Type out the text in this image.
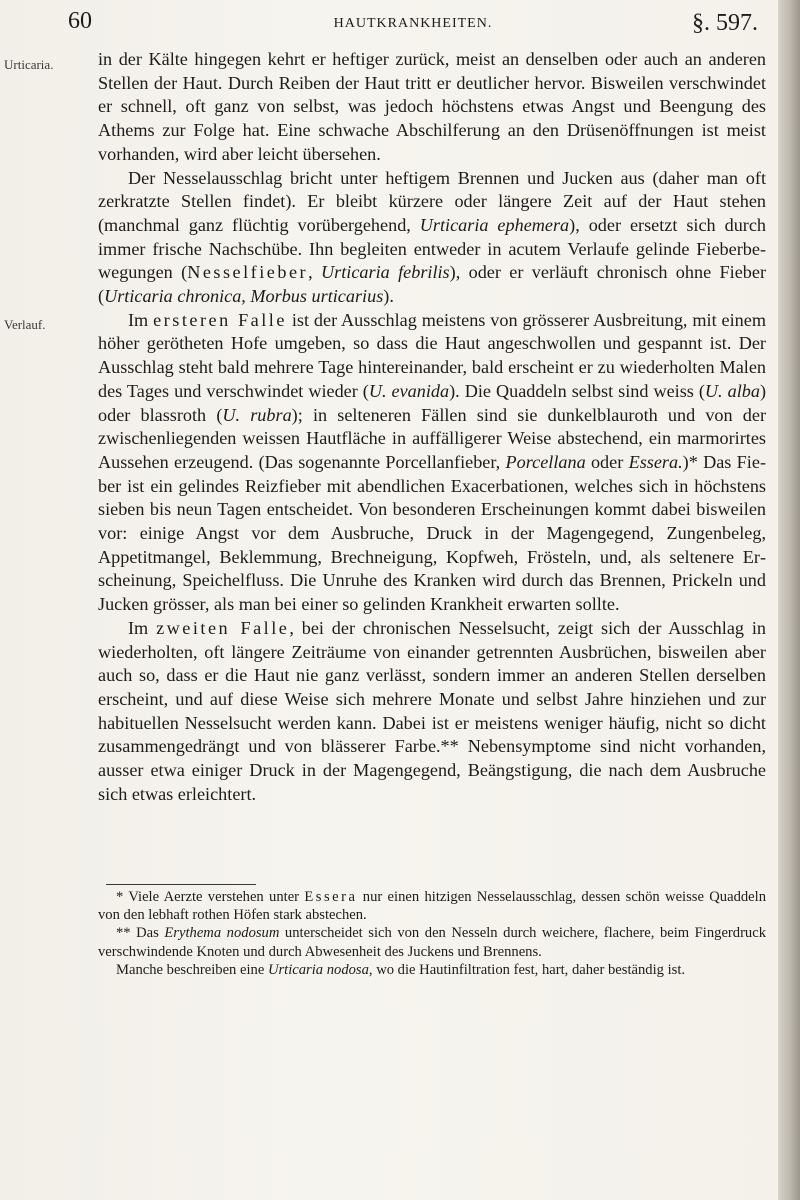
60	HAUTKRANKHEITEN.	§. 597.
Urticaria.
Verlauf.

in der Kälte hingegen kehrt er heftiger zurück, meist an denselben oder auch an anderen Stellen der Haut. Durch Reiben der Haut tritt er deutlicher hervor. Bisweilen verschwindet er schnell, oft ganz von selbst, was jedoch höchstens etwas Angst und Beengung des Athems zur Folge hat. Eine schwache Abschilferung an den Drüsenöffnungen ist meist vorhanden, wird aber leicht übersehen.

Der Nesselausschlag bricht unter heftigem Brennen und Jucken aus (daher man oft zerkratzte Stellen findet). Er bleibt kürzere oder längere Zeit auf der Haut stehen (manchmal ganz flüchtig vorübergehend, Urticaria ephemera), oder ersetzt sich durch immer frische Nachschübe. Ihn begleiten entweder in acutem Verlaufe gelinde Fieberbewegungen (Nesselfieber, Urticaria febrilis), oder er verläuft chronisch ohne Fieber (Urticaria chronica, Morbus urticarius).

Im ersteren Falle ist der Ausschlag meistens von grösserer Ausbreitung, mit einem höher gerötheten Hofe umgeben, so dass die Haut angeschwollen und gespannt ist. Der Ausschlag steht bald mehrere Tage hintereinander, bald erscheint er zu wiederholten Malen des Tages und verschwindet wieder (U. evanida). Die Quaddeln selbst sind weiss (U. alba) oder blassroth (U. rubra); in selteneren Fällen sind sie dunkelblauroth und von der zwischenliegenden weissen Hautfläche in auffälligerer Weise abstechend, ein marmorirtes Aussehen erzeugend. (Das sogenannte Porcellanfieber, Porcellana oder Essera.)* Das Fieber ist ein gelindes Reizfieber mit abendlichen Exacerbationen, welches sich in höchstens sieben bis neun Tagen entscheidet. Von besonderen Erscheinungen kommt dabei bisweilen vor: einige Angst vor dem Ausbruche, Druck in der Magengegend, Zungenbeleg, Appetitmangel, Beklemmung, Brechneigung, Kopfweh, Frösteln, und, als seltenere Erscheinung, Speichelfluss. Die Unruhe des Kranken wird durch das Brennen, Prickeln und Jucken grösser, als man bei einer so gelinden Krankheit erwarten sollte.

Im zweiten Falle, bei der chronischen Nesselsucht, zeigt sich der Ausschlag in wiederholten, oft längere Zeiträume von einander getrennten Ausbrüchen, bisweilen aber auch so, dass er die Haut nie ganz verlässt, sondern immer an anderen Stellen derselben erscheint, und auf diese Weise sich mehrere Monate und selbst Jahre hinziehen und zur habituellen Nesselsucht werden kann. Dabei ist er meistens weniger häufig, nicht so dicht zusammengedrängt und von blässerer Farbe.** Nebensymptome sind nicht vorhanden, ausser etwa einiger Druck in der Magengegend, Beängstigung, die nach dem Ausbruche sich etwas erleichtert.

* Viele Aerzte verstehen unter Essera nur einen hitzigen Nesselausschlag, dessen schön weisse Quaddeln von den lebhaft rothen Höfen stark abstechen.

** Das Erythema nodosum unterscheidet sich von den Nesseln durch weichere, flachere, beim Fingerdruck verschwindende Knoten und durch Abwesenheit des Juckens und Brennens.

Manche beschreiben eine Urticaria nodosa, wo die Hautinfiltration fest, hart, daher beständig ist.
